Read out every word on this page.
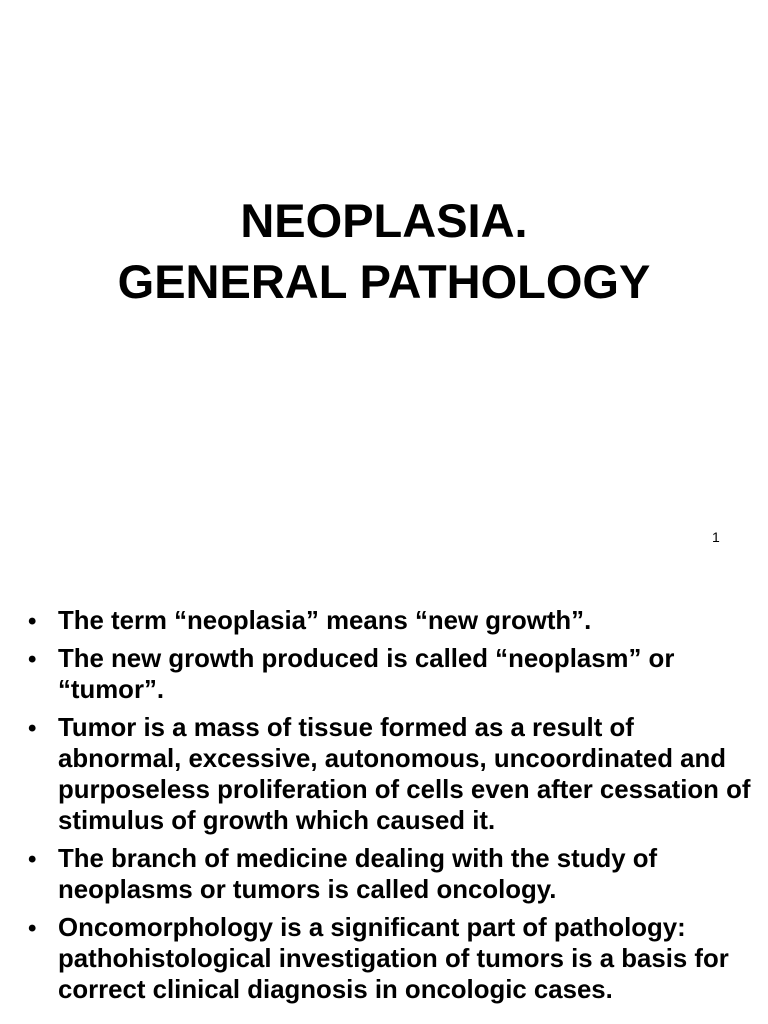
NEOPLASIA.
GENERAL PATHOLOGY
1
• The term “neoplasia” means “new growth”.
• The new growth produced is called “neoplasm” or “tumor”.
• Tumor is a mass of tissue formed as a result of abnormal, excessive, autonomous, uncoordinated and purposeless proliferation of cells even after cessation of stimulus of growth which caused it.
• The branch of medicine dealing with the study of neoplasms or tumors is called oncology.
• Oncomorphology is a significant part of pathology: pathohistological investigation of tumors is a basis for correct clinical diagnosis in oncologic cases.
